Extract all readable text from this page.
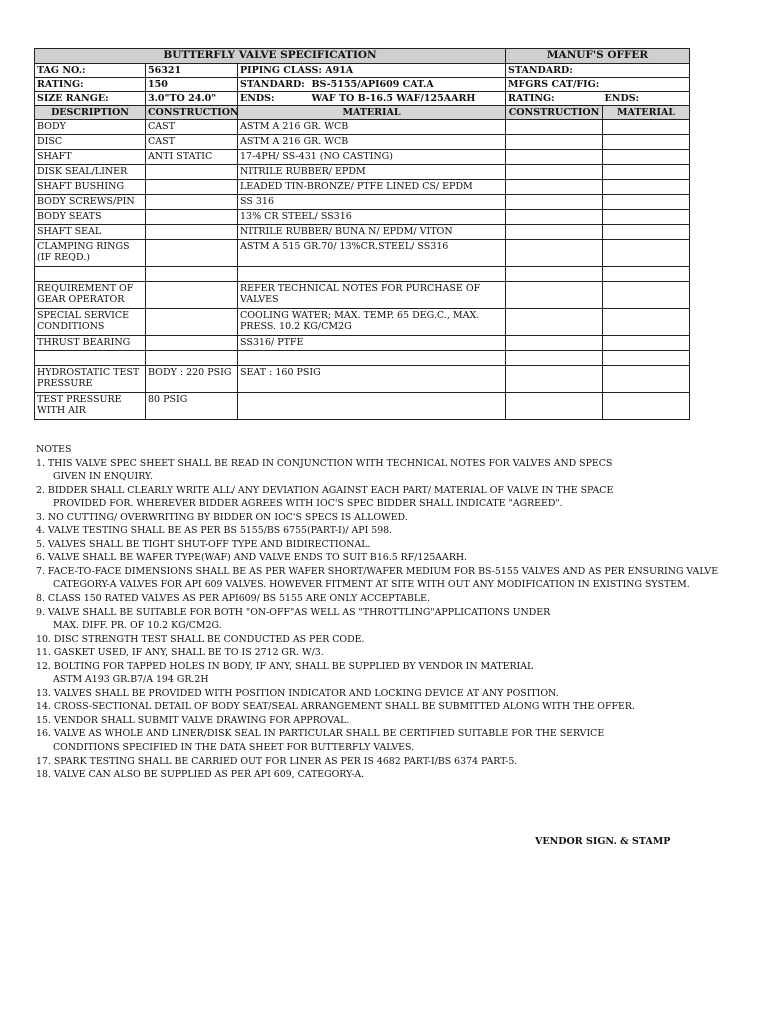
BUTTERFLY VALVE SPECIFICATION				MANUF'S OFFER	
TAG NO.:	56321	PIPING CLASS: A91A		STANDARD:	
RATING:	150	STANDARD:	BS-5155/API609 CAT.A	MFGRS CAT/FIG:	
SIZE RANGE:	3.0"TO 24.0"	ENDS:	WAF TO B-16.5 WAF/125AARH	RATING:	ENDS:
DESCRIPTION	CONSTRUCTION	MATERIAL		CONSTRUCTION	MATERIAL
BODY	CAST	ASTM A 216 GR. WCB			
DISC	CAST	ASTM A 216 GR. WCB			
SHAFT	ANTI STATIC	17-4PH/ SS-431 (NO CASTING)			
DISK SEAL/LINER		NITRILE RUBBER/ EPDM			
SHAFT BUSHING		LEADED TIN-BRONZE/ PTFE LINED CS/ EPDM			
BODY SCREWS/PIN		SS 316			
BODY SEATS		13% CR STEEL/ SS316			
SHAFT SEAL		NITRILE RUBBER/ BUNA N/ EPDM/ VITON			
CLAMPING RINGS (IF REQD.)		ASTM A 515 GR.70/ 13%CR.STEEL/ SS316			

REQUIREMENT OF GEAR OPERATOR		REFER TECHNICAL NOTES FOR PURCHASE OF VALVES			
SPECIAL SERVICE CONDITIONS		COOLING WATER; MAX. TEMP. 65 DEG.C., MAX. PRESS. 10.2 KG/CM2G			
THRUST BEARING		SS316/ PTFE			

HYDROSTATIC TEST PRESSURE	BODY : 220 PSIG	SEAT : 160 PSIG			
TEST PRESSURE WITH AIR	80 PSIG				
NOTES
1. THIS VALVE SPEC SHEET SHALL BE READ IN CONJUNCTION WITH TECHNICAL NOTES FOR VALVES AND SPECS
GIVEN IN ENQUIRY.
2. BIDDER SHALL CLEARLY WRITE ALL/ ANY DEVIATION AGAINST EACH PART/ MATERIAL OF VALVE IN THE SPACE
PROVIDED FOR. WHEREVER BIDDER AGREES WITH IOC'S SPEC BIDDER SHALL INDICATE "AGREED".
3. NO CUTTING/ OVERWRITING BY BIDDER ON IOC'S SPECS IS ALLOWED.
4. VALVE TESTING SHALL BE AS PER BS 5155/BS 6755(PART-I)/ API 598.
5. VALVES SHALL BE TIGHT SHUT-OFF TYPE AND BIDIRECTIONAL.
6. VALVE SHALL BE WAFER TYPE(WAF) AND VALVE ENDS TO SUIT B16.5 RF/125AARH.
7. FACE-TO-FACE DIMENSIONS SHALL BE AS PER WAFER SHORT/WAFER MEDIUM FOR BS-5155 VALVES AND AS PER ENSURING VALVE
CATEGORY-A VALVES FOR API 609 VALVES. HOWEVER FITMENT AT SITE WITH OUT ANY MODIFICATION IN EXISTING SYSTEM.
8. CLASS 150 RATED VALVES AS PER API609/ BS 5155 ARE ONLY ACCEPTABLE.
9. VALVE SHALL BE SUITABLE FOR BOTH "ON-OFF"AS WELL AS "THROTTLING"APPLICATIONS UNDER
MAX. DIFF. PR. OF 10.2 KG/CM2G.
10. DISC STRENGTH TEST SHALL BE CONDUCTED AS PER CODE.
11. GASKET USED, IF ANY, SHALL BE TO IS 2712 GR. W/3.
12. BOLTING FOR TAPPED HOLES IN BODY, IF ANY, SHALL BE SUPPLIED BY VENDOR IN MATERIAL
ASTM A193 GR.B7/A 194 GR.2H
13. VALVES SHALL BE PROVIDED WITH POSITION INDICATOR AND LOCKING DEVICE AT ANY POSITION.
14. CROSS-SECTIONAL DETAIL OF BODY SEAT/SEAL ARRANGEMENT SHALL BE SUBMITTED ALONG WITH THE OFFER.
15. VENDOR SHALL SUBMIT VALVE DRAWING FOR APPROVAL.
16. VALVE AS WHOLE AND LINER/DISK SEAL IN PARTICULAR SHALL BE CERTIFIED SUITABLE FOR THE SERVICE
CONDITIONS SPECIFIED IN THE DATA SHEET FOR BUTTERFLY VALVES.
17. SPARK TESTING SHALL BE CARRIED OUT FOR LINER AS PER IS 4682 PART-I/BS 6374 PART-5.
18. VALVE CAN ALSO BE SUPPLIED AS PER API 609, CATEGORY-A.
VENDOR SIGN. & STAMP
